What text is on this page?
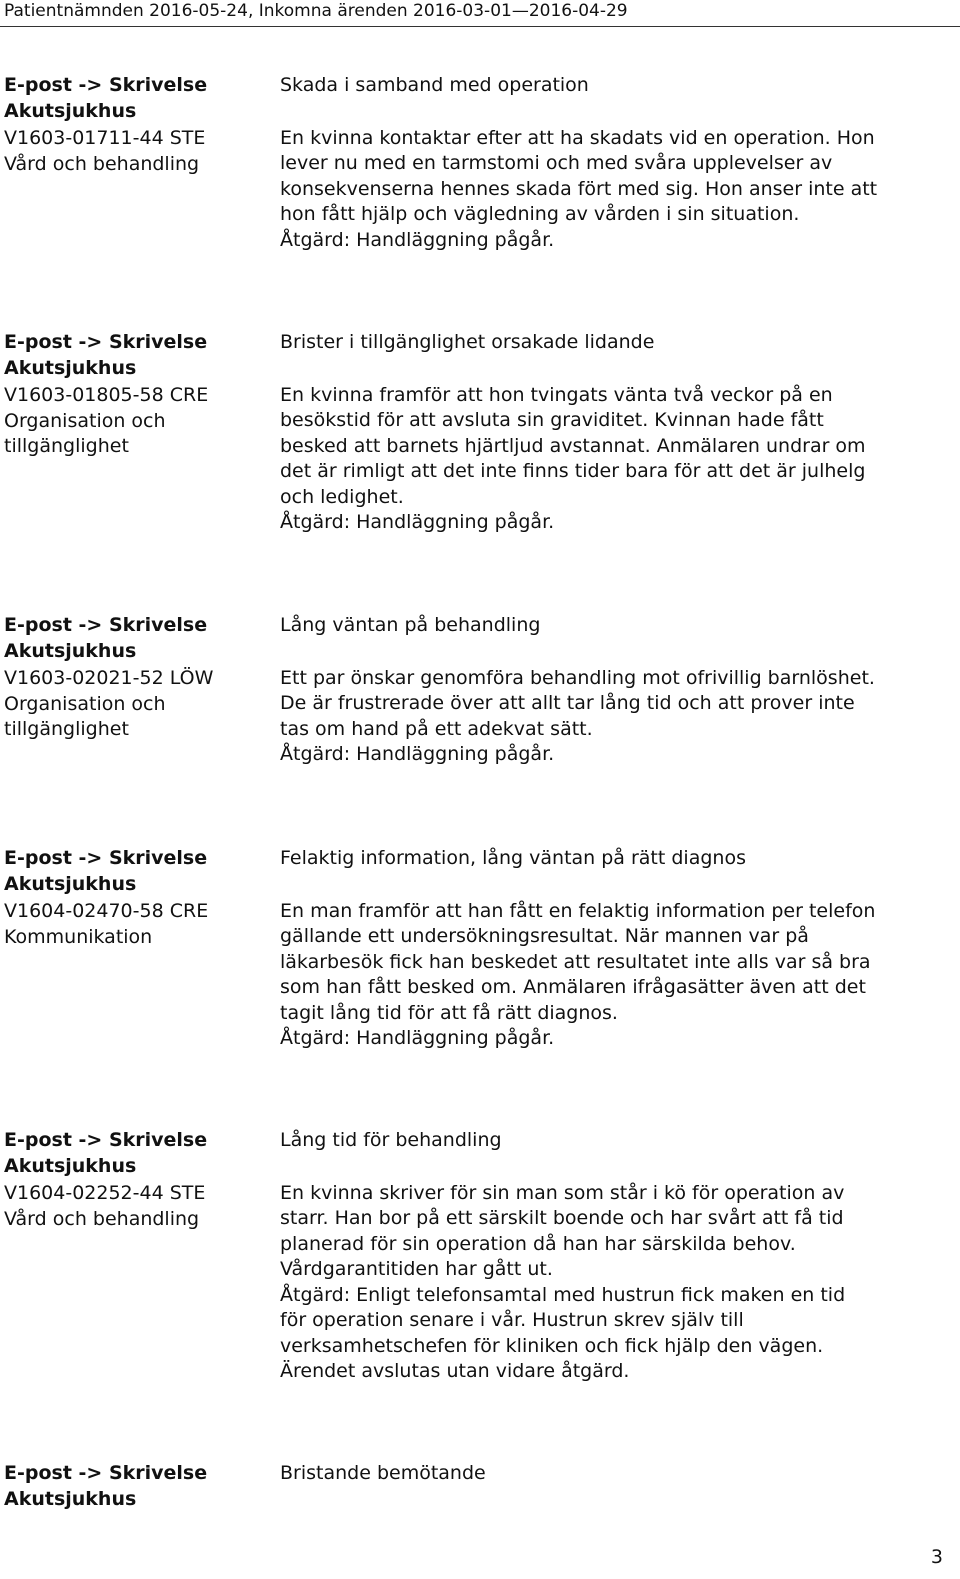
Patientnämnden 2016-05-24, Inkomna ärenden 2016-03-01—2016-04-29
E-post -> Skrivelse
Akutsjukhus
V1603-01711-44 STE
Vård och behandling
Skada i samband med operation
En kvinna kontaktar efter att ha skadats vid en operation. Hon
lever nu med en tarmstomi och med svåra upplevelser av
konsekvenserna hennes skada fört med sig. Hon anser inte att
hon fått hjälp och vägledning av vården i sin situation.
Åtgärd: Handläggning pågår.
E-post -> Skrivelse
Akutsjukhus
V1603-01805-58 CRE
Organisation och tillgänglighet
Brister i tillgänglighet orsakade lidande
En kvinna framför att hon tvingats vänta två veckor på en
besökstid för att avsluta sin graviditet. Kvinnan hade fått
besked att barnets hjärtljud avstannat. Anmälaren undrar om
det är rimligt att det inte finns tider bara för att det är julhelg
och ledighet.
Åtgärd: Handläggning pågår.
E-post -> Skrivelse
Akutsjukhus
V1603-02021-52 LÖW
Organisation och tillgänglighet
Lång väntan på behandling
Ett par önskar genomföra behandling mot ofrivillig barnlöshet.
De är frustrerade över att allt tar lång tid och att prover inte
tas om hand på ett adekvat sätt.
Åtgärd: Handläggning pågår.
E-post -> Skrivelse
Akutsjukhus
V1604-02470-58 CRE
Kommunikation
Felaktig information, lång väntan på rätt diagnos
En man framför att han fått en felaktig information per telefon
gällande ett undersökningsresultat. När mannen var på
läkarbesök fick han beskedet att resultatet inte alls var så bra
som han fått besked om. Anmälaren ifrågasätter även att det
tagit lång tid för att få rätt diagnos.
Åtgärd: Handläggning pågår.
E-post -> Skrivelse
Akutsjukhus
V1604-02252-44 STE
Vård och behandling
Lång tid för behandling
En kvinna skriver för sin man som står i kö för operation av
starr. Han bor på ett särskilt boende och har svårt att få tid
planerad för sin operation då han har särskilda behov.
Vårdgarantitiden har gått ut.
Åtgärd: Enligt telefonsamtal med hustrun fick maken en tid
för operation senare i vår. Hustrun skrev själv till
verksamhetschefen för kliniken och fick hjälp den vägen.
Ärendet avslutas utan vidare åtgärd.
E-post -> Skrivelse
Akutsjukhus
Bristande bemötande
3
